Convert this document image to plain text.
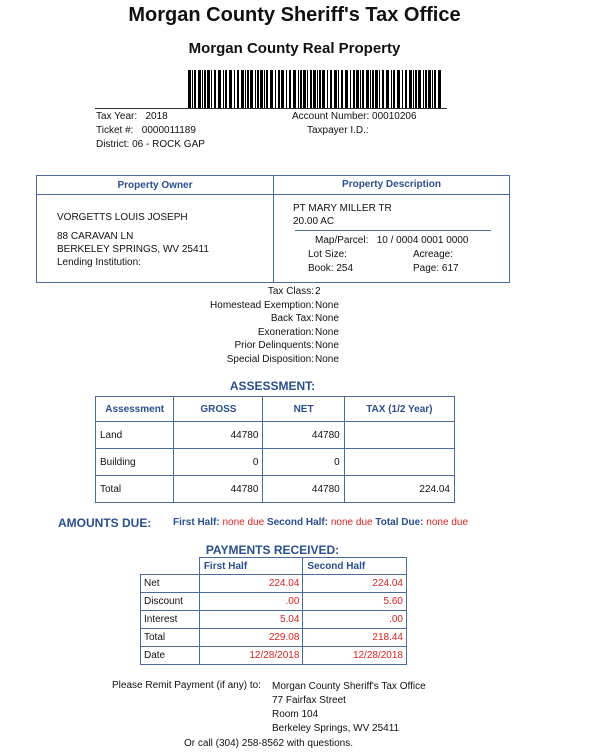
Morgan County Sheriff's Tax Office
Morgan County Real Property
Tax Year: 2018
Ticket #: 0000011189
District: 06 - ROCK GAP
Account Number: 00010206
Taxpayer I.D.:
Property Owner	Property Description
VORGETTS LOUIS JOSEPH
88 CARAVAN LN
BERKELEY SPRINGS, WV 25411
Lending Institution:
PT MARY MILLER TR
20.00 AC
Map/Parcel: 10 / 0004 0001 0000
Lot Size:	Acreage:
Book: 254	Page: 617
Tax Class: 2
Homestead Exemption: None
Back Tax: None
Exoneration: None
Prior Delinquents: None
Special Disposition: None
ASSESSMENT:
Assessment	GROSS	NET	TAX (1/2 Year)
Land	44780	44780	
Building	0	0	
Total	44780	44780	224.04
AMOUNTS DUE: First Half: none due Second Half: none due Total Due: none due
PAYMENTS RECEIVED:
	First Half	Second Half
Net	224.04	224.04
Discount	.00	5.60
Interest	5.04	.00
Total	229.08	218.44
Date	12/28/2018	12/28/2018
Please Remit Payment (if any) to: Morgan County Sheriff's Tax Office
77 Fairfax Street
Room 104
Berkeley Springs, WV 25411
Or call (304) 258-8562 with questions.
